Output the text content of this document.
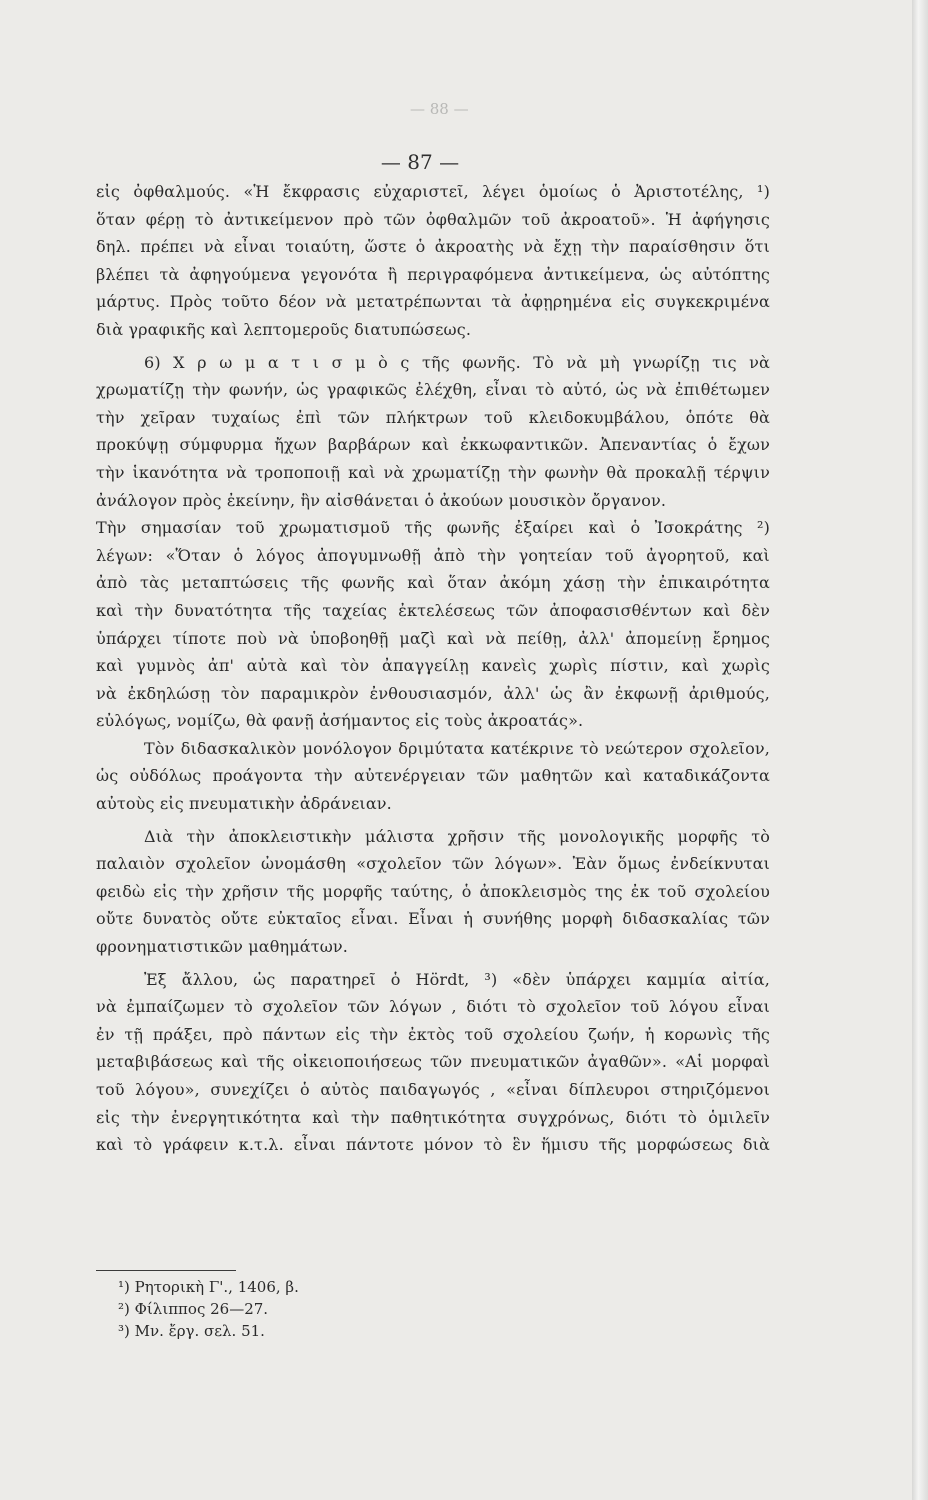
— 88 —
— 87 —
εἰς ὀφθαλμούς. «Ἡ ἔκφρασις εὐχαριστεῖ, λέγει ὁμοίως ὁ Ἀριστοτέλης, ¹)
ὅταν φέρῃ τὸ ἀντικείμενον πρὸ τῶν ὀφθαλμῶν τοῦ ἀκροατοῦ». Ἡ ἀφήγησις
δηλ. πρέπει νὰ εἶναι τοιαύτη, ὥστε ὁ ἀκροατὴς νὰ ἔχῃ τὴν παραίσθησιν ὅτι
βλέπει τὰ ἀφηγούμενα γεγονότα ἢ περιγραφόμενα ἀντικείμενα, ὡς αὐτόπτης
μάρτυς. Πρὸς τοῦτο δέον νὰ μετατρέπωνται τὰ ἀφῃρημένα εἰς συγκεκριμένα
διὰ γραφικῆς καὶ λεπτομεροῦς διατυπώσεως.
6) Χ ρ ω μ α τ ι σ μ ὸ ς τῆς φωνῆς. Τὸ νὰ μὴ γνωρίζῃ τις νὰ
χρωματίζῃ τὴν φωνήν, ὡς γραφικῶς ἐλέχθη, εἶναι τὸ αὐτό, ὡς νὰ ἐπιθέτωμεν
τὴν χεῖραν τυχαίως ἐπὶ τῶν πλήκτρων τοῦ κλειδοκυμβάλου, ὁπότε θὰ
προκύψῃ σύμφυρμα ἤχων βαρβάρων καὶ ἐκκωφαντικῶν. Ἀπεναντίας ὁ ἔχων
τὴν ἱκανότητα νὰ τροποποιῇ καὶ νὰ χρωματίζῃ τὴν φωνὴν θὰ προκαλῇ τέρψιν
ἀνάλογον πρὸς ἐκείνην, ἣν αἰσθάνεται ὁ ἀκούων μουσικὸν ὄργανον.
Τὴν σημασίαν τοῦ χρωματισμοῦ τῆς φωνῆς ἐξαίρει καὶ ὁ Ἰσοκράτης ²)
λέγων: «Ὅταν ὁ λόγος ἀπογυμνωθῇ ἀπὸ τὴν γοητείαν τοῦ ἀγορητοῦ, καὶ
ἀπὸ τὰς μεταπτώσεις τῆς φωνῆς καὶ ὅταν ἀκόμη χάσῃ τὴν ἐπικαιρότητα
καὶ τὴν δυνατότητα τῆς ταχείας ἐκτελέσεως τῶν ἀποφασισθέντων καὶ δὲν
ὑπάρχει τίποτε ποὺ νὰ ὑποβοηθῇ μαζὶ καὶ νὰ πείθῃ, ἀλλ' ἀπομείνῃ ἔρημος
καὶ γυμνὸς ἀπ' αὐτὰ καὶ τὸν ἀπαγγείλῃ κανεὶς χωρὶς πίστιν, καὶ χωρὶς
νὰ ἐκδηλώσῃ τὸν παραμικρὸν ἐνθουσιασμόν, ἀλλ' ὡς ἂν ἐκφωνῇ ἀριθμούς,
εὐλόγως, νομίζω, θὰ φανῇ ἀσήμαντος εἰς τοὺς ἀκροατάς».
Τὸν διδασκαλικὸν μονόλογον δριμύτατα κατέκρινε τὸ νεώτερον σχολεῖον,
ὡς οὐδόλως προάγοντα τὴν αὐτενέργειαν τῶν μαθητῶν καὶ καταδικάζοντα
αὐτοὺς εἰς πνευματικὴν ἀδράνειαν.
Διὰ τὴν ἀποκλειστικὴν μάλιστα χρῆσιν τῆς μονολογικῆς μορφῆς τὸ
παλαιὸν σχολεῖον ὠνομάσθη «σχολεῖον τῶν λόγων». Ἐὰν ὅμως ἐνδείκνυται
φειδὼ εἰς τὴν χρῆσιν τῆς μορφῆς ταύτης, ὁ ἀποκλεισμὸς της ἐκ τοῦ σχολείου
οὔτε δυνατὸς οὔτε εὐκταῖος εἶναι. Εἶναι ἡ συνήθης μορφὴ διδασκαλίας τῶν
φρονηματιστικῶν μαθημάτων.
Ἐξ ἄλλου, ὡς παρατηρεῖ ὁ Hördt, ³) «δὲν ὑπάρχει καμμία αἰτία,
νὰ ἐμπαίζωμεν τὸ σχολεῖον τῶν λόγων , διότι τὸ σχολεῖον τοῦ λόγου εἶναι
ἐν τῇ πράξει, πρὸ πάντων εἰς τὴν ἐκτὸς τοῦ σχολείου ζωήν, ἡ κορωνὶς τῆς
μεταβιβάσεως καὶ τῆς οἰκειοποιήσεως τῶν πνευματικῶν ἀγαθῶν». «Αἱ μορφαὶ
τοῦ λόγου», συνεχίζει ὁ αὐτὸς παιδαγωγός , «εἶναι δίπλευροι στηριζόμενοι
εἰς τὴν ἐνεργητικότητα καὶ τὴν παθητικότητα συγχρόνως, διότι τὸ ὁμιλεῖν
καὶ τὸ γράφειν κ.τ.λ. εἶναι πάντοτε μόνον τὸ ἓν ἥμισυ τῆς μορφώσεως διὰ
¹) Ρητορικὴ Γ'., 1406, β.
²) Φίλιππος 26—27.
³) Μν. ἔργ. σελ. 51.
